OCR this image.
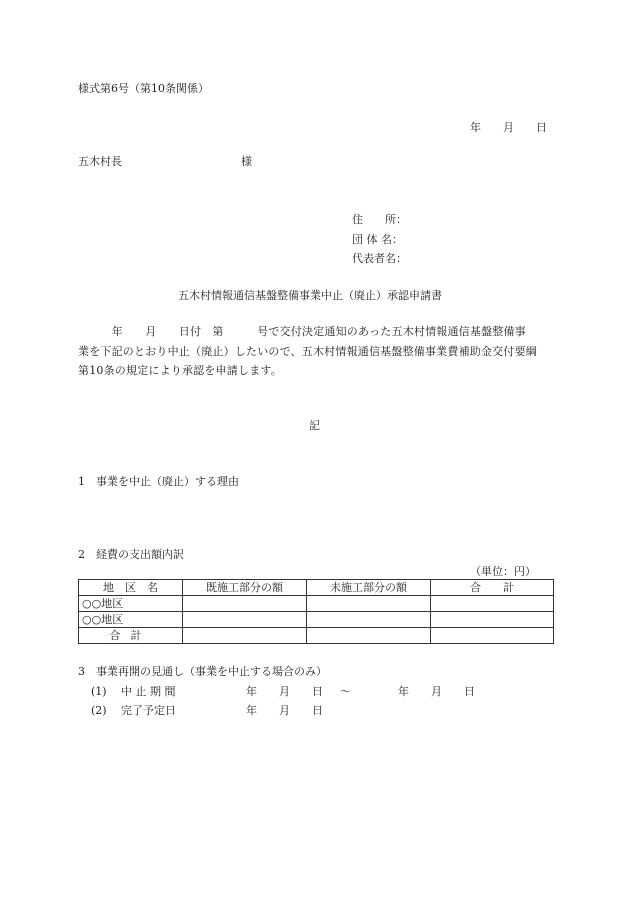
様式第6号（第10条関係）
年　　月　　日
五木村長	様
住　　所：
団 体 名：
代表者名：
五木村情報通信基盤整備事業中止（廃止）承認申請書

　　　年　　月　　日付　第　　　号で交付決定通知のあった五木村情報通信基盤整備事

業を下記のとおり中止（廃止）したいので、五木村情報通信基盤整備事業費補助金交付要綱

第10条の規定により承認を申請します。

記
1　事業を中止（廃止）する理由
2　経費の支出額内訳
（単位：円）
地　区　名	既施工部分の額	未施工部分の額	合　　計
○○地区			
○○地区			
合計			
3　事業再開の見通し（事業を中止する場合のみ）
(1) 中 止 期 間	年　　月　　日 ～	年　　月　　日
(2) 完了予定日	年　　月　　日
